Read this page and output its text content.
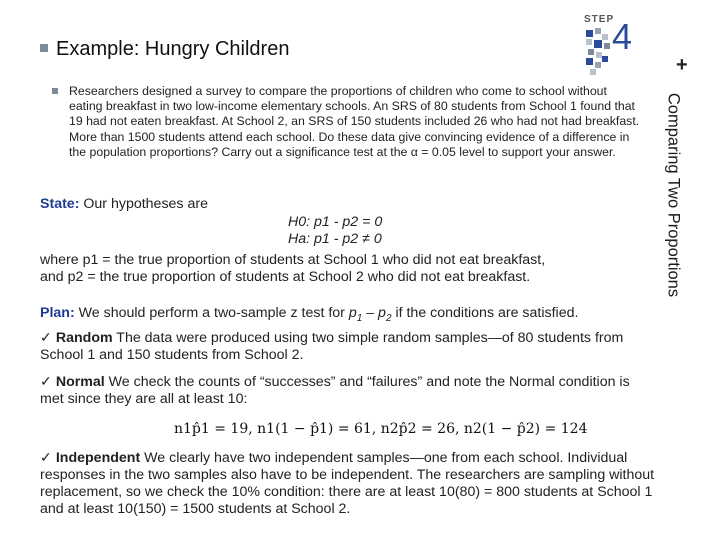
STEP
4
+
Comparing Two Proportions
Example: Hungry Children
Researchers designed a survey to compare the proportions of children who come to school without eating breakfast in two low-income elementary schools. An SRS of 80 students from School 1 found that 19 had not eaten breakfast. At School 2, an SRS of 150 students included 26 who had not had breakfast. More than 1500 students attend each school. Do these data give convincing evidence of a difference in the population proportions? Carry out a significance test at the α = 0.05 level to support your answer.
State: Our hypotheses are
H0: p1 - p2 = 0
Ha: p1 - p2 ≠ 0
where p1 = the true proportion of students at School 1 who did not eat breakfast,
and p2 = the true proportion of students at School 2 who did not eat breakfast.
Plan: We should perform a two-sample z test for $p_1 - p_2$ if the conditions are satisfied.
✓ Random The data were produced using two simple random samples—of 80 students from School 1 and 150 students from School 2.
✓ Normal We check the counts of “successes” and “failures” and note the Normal condition is met since they are all at least 10:
n1p̂1 = 19, n1(1 − p̂1) = 61, n2p̂2 = 26, n2(1 − p̂2) = 124
✓ Independent We clearly have two independent samples—one from each school. Individual responses in the two samples also have to be independent. The researchers are sampling without replacement, so we check the 10% condition: there are at least 10(80) = 800 students at School 1 and at least 10(150) = 1500 students at School 2.
